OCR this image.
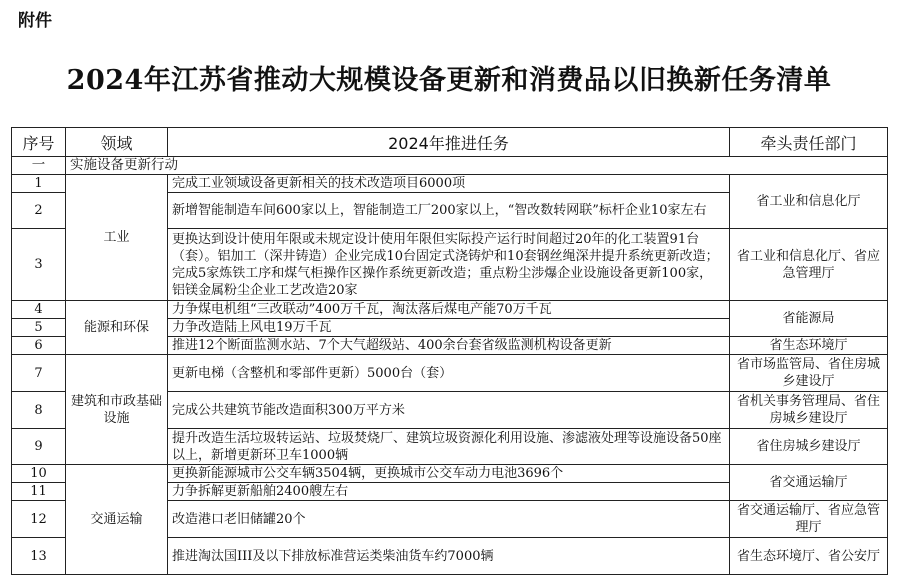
附件
2024年江苏省推动大规模设备更新和消费品以旧换新任务清单
序号	领域	2024年推进任务	牵头责任部门
一	实施设备更新行动		
1	工业	完成工业领域设备更新相关的技术改造项目6000项	省工业和信息化厅
2		新增智能制造车间600家以上，智能制造工厂200家以上，“智改数转网联”标杆企业10家左右	
3		更换达到设计使用年限或未规定设计使用年限但实际投产运行时间超过20年的化工装置91台（套）。铝加工（深井铸造）企业完成10台固定式浇铸炉和10套钢丝绳深井提升系统更新改造；完成5家炼铁工序和煤气柜操作区操作系统更新改造；重点粉尘涉爆企业设施设备更新100家，铝镁金属粉尘企业工艺改造20家	省工业和信息化厅、省应急管理厅
4	能源和环保	力争煤电机组“三改联动”400万千瓦，淘汰落后煤电产能70万千瓦	省能源局
5		力争改造陆上风电19万千瓦	
6		推进12个断面监测水站、7个大气超级站、400余台套省级监测机构设备更新	省生态环境厅
7	建筑和市政基础设施	更新电梯（含整机和零部件更新）5000台（套）	省市场监管局、省住房城乡建设厅
8		完成公共建筑节能改造面积300万平方米	省机关事务管理局、省住房城乡建设厅
9		提升改造生活垃圾转运站、垃圾焚烧厂、建筑垃圾资源化利用设施、渗滤液处理等设施设备50座以上，新增更新环卫车1000辆	省住房城乡建设厅
10	交通运输	更换新能源城市公交车辆3504辆，更换城市公交车动力电池3696个	省交通运输厅
11		力争拆解更新船舶2400艘左右	
12		改造港口老旧储罐20个	省交通运输厅、省应急管理厅
13		推进淘汰国III及以下排放标准营运类柴油货车约7000辆	省生态环境厅、省公安厅
